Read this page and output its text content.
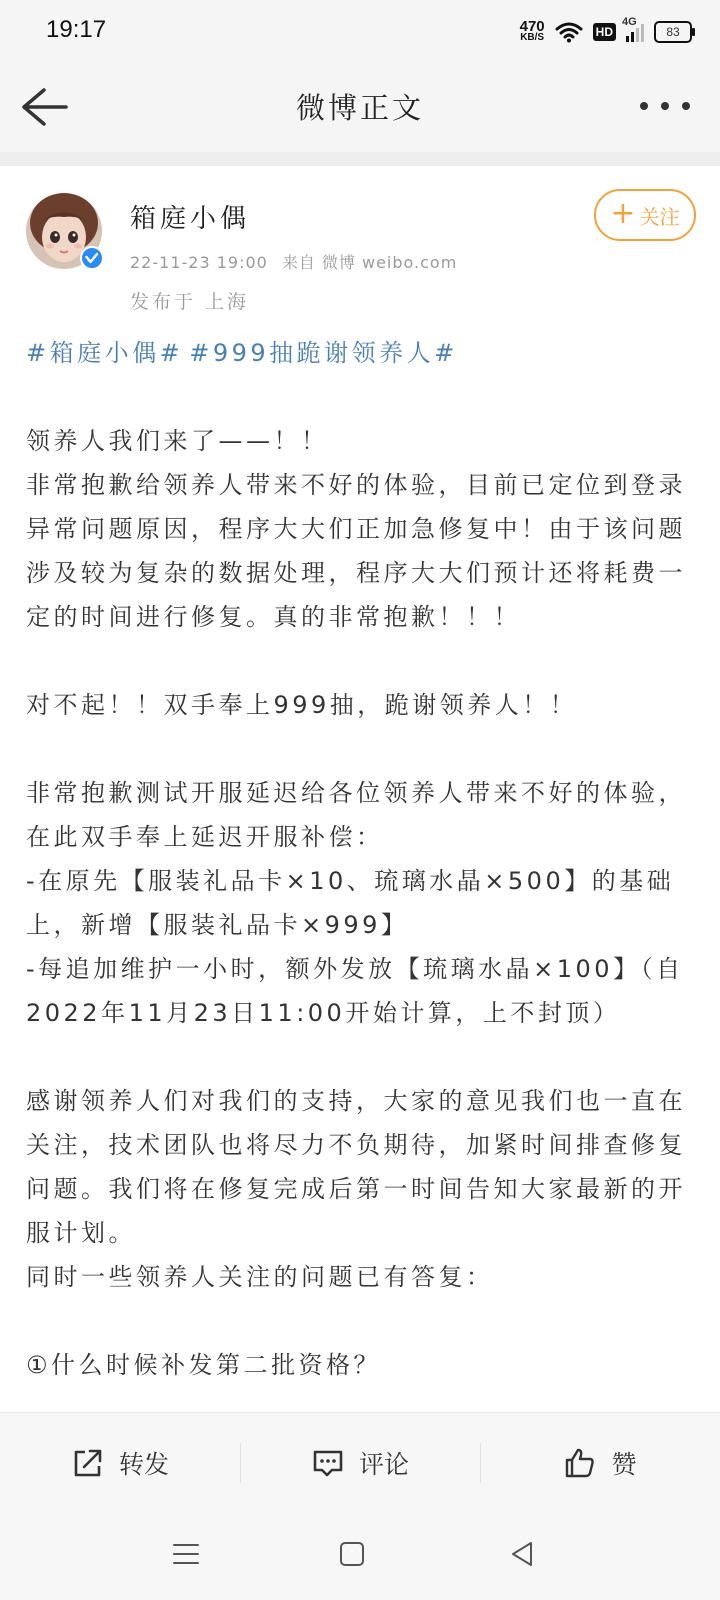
19:17	470
KB/S	HD
4G
83
微博正文
箱庭小偶
22-11-23 19:00 来自 微博 weibo.com
发布于 上海
+ 关注

#箱庭小偶# #999抽跪谢领养人#

领养人我们来了——！！

非常抱歉给领养人带来不好的体验，目前已定位到登录异常问题原因，程序大大们正加急修复中！由于该问题涉及较为复杂的数据处理，程序大大们预计还将耗费一定的时间进行修复。真的非常抱歉！！！

对不起！！双手奉上999抽，跪谢领养人！！

非常抱歉测试开服延迟给各位领养人带来不好的体验，在此双手奉上延迟开服补偿：

-在原先【服装礼品卡×10、琉璃水晶×500】的基础上，新增【服装礼品卡×999】

-每追加维护一小时，额外发放【琉璃水晶×100】（自2022年11月23日11:00开始计算，上不封顶）

感谢领养人们对我们的支持，大家的意见我们也一直在关注，技术团队也将尽力不负期待，加紧时间排查修复问题。我们将在修复完成后第一时间告知大家最新的开服计划。

同时一些领养人关注的问题已有答复：

①什么时候补发第二批资格？

转发	评论	赞
